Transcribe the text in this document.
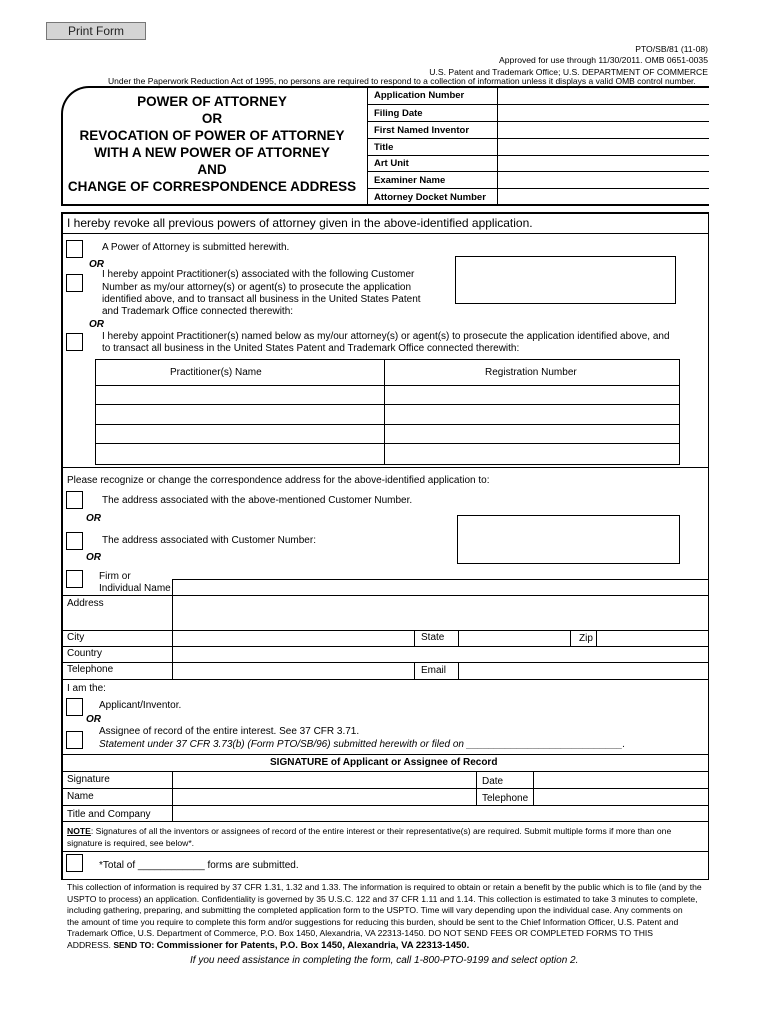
Print Form
PTO/SB/81 (11-08)
Approved for use through 11/30/2011. OMB 0651-0035
U.S. Patent and Trademark Office; U.S. DEPARTMENT OF COMMERCE
Under the Paperwork Reduction Act of 1995, no persons are required to respond to a collection of information unless it displays a valid OMB control number.
POWER OF ATTORNEY
OR
REVOCATION OF POWER OF ATTORNEY
WITH A NEW POWER OF ATTORNEY
AND
CHANGE OF CORRESPONDENCE ADDRESS
Application Number
Filing Date
First Named Inventor
Title
Art Unit
Examiner Name
Attorney Docket Number
I hereby revoke all previous powers of attorney given in the above-identified application.
A Power of Attorney is submitted herewith.
OR
I hereby appoint Practitioner(s) associated with the following Customer
Number as my/our attorney(s) or agent(s) to prosecute the application
identified above, and to transact all business in the United States Patent
and Trademark Office connected therewith:
OR
I hereby appoint Practitioner(s) named below as my/our attorney(s) or agent(s) to prosecute the application identified above, and
to transact all business in the United States Patent and Trademark Office connected therewith:
Practitioner(s) Name	Registration Number
Please recognize or change the correspondence address for the above-identified application to:
The address associated with the above-mentioned Customer Number.
OR
The address associated with Customer Number:
OR
Firm or
Individual Name
Address
City	State	Zip
Country
Telephone	Email
I am the:
Applicant/Inventor.
OR
Assignee of record of the entire interest. See 37 CFR 3.71.
Statement under 37 CFR 3.73(b) (Form PTO/SB/96) submitted herewith or filed on ____________________________.
SIGNATURE of Applicant or Assignee of Record
Signature	Date
Name	Telephone
Title and Company
NOTE: Signatures of all the inventors or assignees of record of the entire interest or their representative(s) are required. Submit multiple forms if more than one
signature is required, see below*.
*Total of ____________ forms are submitted.
This collection of information is required by 37 CFR 1.31, 1.32 and 1.33. The information is required to obtain or retain a benefit by the public which is to file (and by the
USPTO to process) an application. Confidentiality is governed by 35 U.S.C. 122 and 37 CFR 1.11 and 1.14. This collection is estimated to take 3 minutes to complete,
including gathering, preparing, and submitting the completed application form to the USPTO. Time will vary depending upon the individual case. Any comments on
the amount of time you require to complete this form and/or suggestions for reducing this burden, should be sent to the Chief Information Officer, U.S. Patent and
Trademark Office, U.S. Department of Commerce, P.O. Box 1450, Alexandria, VA 22313-1450. DO NOT SEND FEES OR COMPLETED FORMS TO THIS
ADDRESS. SEND TO: Commissioner for Patents, P.O. Box 1450, Alexandria, VA 22313-1450.
If you need assistance in completing the form, call 1-800-PTO-9199 and select option 2.
